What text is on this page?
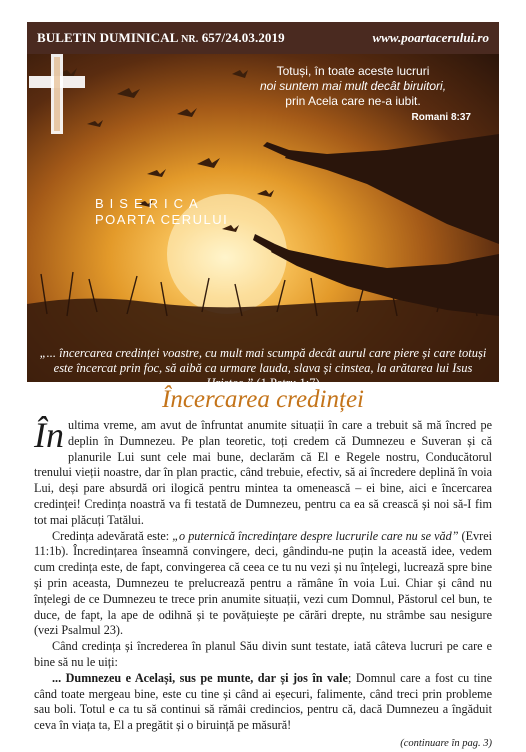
BULETIN DUMINICAL NR. 657/24.03.2019	www.poartacerului.ro
Totuși, în toate aceste lucruri
noi suntem mai mult decât biruitori,
prin Acela care ne-a iubit.
Romani 8:37
BISERICA
POARTA CERULUI
„... încercarea credinței voastre, cu mult mai scumpă decât aurul care piere și care totuși este încercat prin foc, să aibă ca urmare lauda, slava și cinstea, la arătarea lui Isus Hristos.” (1 Petru 1:7)
Încercarea credinței

În ultima vreme, am avut de înfruntat anumite situații în care a trebuit să mă încred pe deplin în Dumnezeu. Pe plan teoretic, toți credem că Dumnezeu e Suveran și că planurile Lui sunt cele mai bune, declarăm că El e Regele nostru, Conducătorul trenului vieții noastre, dar în plan practic, când trebuie, efectiv, să ai încredere deplină în voia Lui, deși pare absurdă ori ilogică pentru mintea ta omenească – ei bine, aici e încercarea credinței! Credința noastră va fi testată de Dumnezeu, pentru ca ea să crească și noi să-I fim tot mai plăcuți Tatălui.

Credința adevărată este: „o puternică încredințare despre lucrurile care nu se văd” (Evrei 11:1b). Încredințarea înseamnă convingere, deci, gândindu-ne puțin la această idee, vedem cum credința este, de fapt, convingerea că ceea ce tu nu vezi și nu înțelegi, lucrează spre bine și prin aceasta, Dumnezeu te prelucrează pentru a rămâne în voia Lui. Chiar și când nu înțelegi de ce Dumnezeu te trece prin anumite situații, vezi cum Domnul, Păstorul cel bun, te duce, de fapt, la ape de odihnă și te povățuiește pe cărări drepte, nu strâmbe sau nesigure (vezi Psalmul 23).

Când credința și încrederea în planul Său divin sunt testate, iată câteva lucruri pe care e bine să nu le uiți:

... Dumnezeu e Același, sus pe munte, dar și jos în vale; Domnul care a fost cu tine când toate mergeau bine, este cu tine și când ai eșecuri, falimente, când treci prin probleme sau boli. Totul e ca tu să continui să rămâi credincios, pentru că, dacă Dumnezeu a îngăduit ceva în viața ta, El a pregătit și o biruință pe măsură!

(continuare în pag. 3)
